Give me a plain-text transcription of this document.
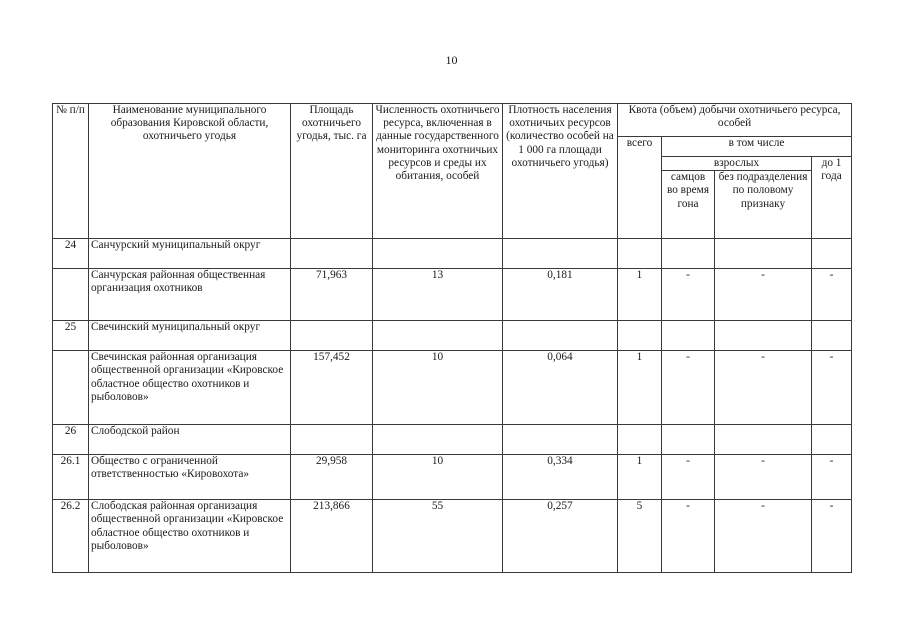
10
№ п/п	Наименование муниципального образования Кировской области, охотничьего угодья	Площадь охотничьего угодья, тыс. га	Численность охотничьего ресурса, включенная в данные государственного мониторинга охотничьих ресурсов и среды их обитания, особей	Плотность населения охотничьих ресурсов (количество особей на 1 000 га площади охотничьего угодья)	Квота (объем) добычи охотничьего ресурса, особей			
					всего	в том числе		
						взрослых		до 1 года
						самцов во время гона	без подразделения по половому признаку	
24	Санчурский муниципальный округ							
	Санчурская районная общественная организация охотников	71,963	13	0,181	1	-	-	-
25	Свечинский муниципальный округ							
	Свечинская районная организация общественной организации «Кировское областное общество охотников и рыболовов»	157,452	10	0,064	1	-	-	-
26	Слободской район							
26.1	Общество с ограниченной ответственностью «Кировохота»	29,958	10	0,334	1	-	-	-
26.2	Слободская районная организация общественной организации «Кировское областное общество охотников и рыболовов»	213,866	55	0,257	5	-	-	-
